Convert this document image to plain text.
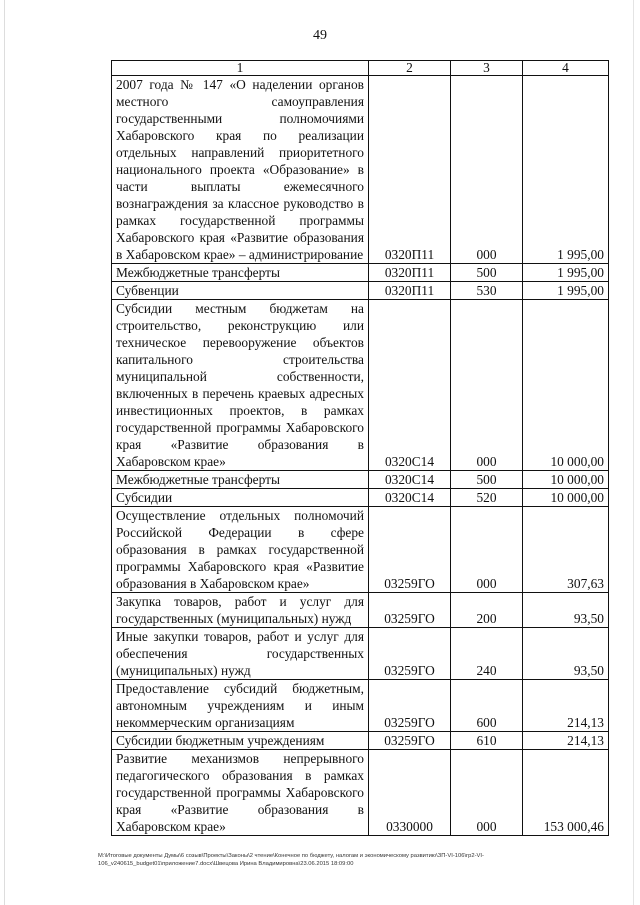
49
1	2	3	4
2007 года № 147 «О наделении органов местного самоуправления государственными полномочиями Хабаровского края по реализации отдельных направлений приоритетного национального проекта «Образование» в части выплаты ежемесячного вознаграждения за классное руководство в рамках государственной программы Хабаровского края «Развитие образования в Хабаровском крае» – администрирование	0320П11	000	1 995,00
Межбюджетные трансферты	0320П11	500	1 995,00
Субвенции	0320П11	530	1 995,00
Субсидии местным бюджетам на строительство, реконструкцию или техническое перевооружение объектов капитального строительства муниципальной собственности, включенных в перечень краевых адресных инвестиционных проектов, в рамках государственной программы Хабаровского края «Развитие образования в Хабаровском крае»	0320С14	000	10 000,00
Межбюджетные трансферты	0320С14	500	10 000,00
Субсидии	0320С14	520	10 000,00
Осуществление отдельных полномочий Российской Федерации в сфере образования в рамках государственной программы Хабаровского края «Развитие образования в Хабаровском крае»	03259ГО	000	307,63
Закупка товаров, работ и услуг для государственных (муниципальных) нужд	03259ГО	200	93,50
Иные закупки товаров, работ и услуг для обеспечения государственных (муниципальных) нужд	03259ГО	240	93,50
Предоставление субсидий бюджетным, автономным учреждениям и иным некоммерческим организациям	03259ГО	600	214,13
Субсидии бюджетным учреждениям	03259ГО	610	214,13
Развитие механизмов непрерывного педагогического образования в рамках государственной программы Хабаровского края «Развитие образования в Хабаровском крае»	0330000	000	153 000,46
M:\Итоговые документы Думы\6 созыв\Проекты\Законы\2 чтение\Конечное по бюджету, налогам и экономическому развитию\ЗП-VI-106\гр2-VI-106_v240615_budget01\приложение7.docx\Швецова Ирина Владимировна\23.06.2015 18:09:00
